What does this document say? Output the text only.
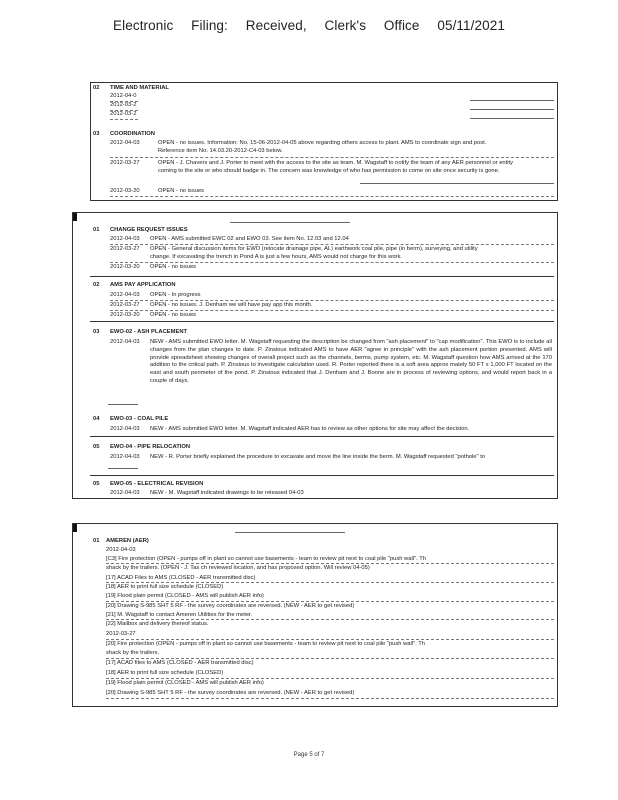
Electronic Filing: Received, Clerk's Office 05/11/2021
02 TIME AND MATERIAL
2012-04-0
2012-03-2
2012-03-2
03 COORDINATION
2012-04-03	OPEN - no issues. Information: No. 15-06-2012-04-05 above regarding others access to plant. AMS to coordinate sign and post.
Reference item No. 14.03.20-2012-C4-03 below.
2012-03-27	OPEN - J. Chavers and J. Porter to meet with the access to the site as team. M. Wagstaff to notify the team of any AER personnel or entity
coming to the site or who should badge in. The concern was knowledge of who has permission to come on site once security is gone.
2012-03-20	OPEN - no issues
01 CHANGE REQUEST ISSUES
2012-04-03 OPEN - AMS submitted EWC 02 and EWO 03. See item No. 12.03 and 12.04
2012-03-27 OPEN - General discussion items for EWO (relocate drainage pipe, AL) earthwork coal pile, pipe (in berm), surveying, and utility
change. If excavating the trench in Pond A is just a few hours, AMS would not charge for this work.
2012-03-20 OPEN - no issues
02 AMS PAY APPLICATION
2012-04-03 OPEN - In progress
2012-03-27 OPEN - no issues. J. Denham we will have pay app this month.
2012-03-20 OPEN - no issues
03 EWO-02 - ASH PLACEMENT
2012-04-03 NEW - AMS submitted EWO letter. M. Wagstaff requesting the description be changed from "ash placement" to "cap modification". This EWO is to include all changes from the plan changes to date. P. Zinsious indicated AMS to have AER "agree in principle" with the ash placement portion presented. AMS will provide spreadsheet showing changes of overall project such as the channels, berms, pump system, etc. M. Wagstaff question how AMS arrived at the 170 addition to the critical path. P. Zinsious to investigate calculation used. R. Porter reported there is a soft area approx mately 50 FT x 1,000 FT located on the east and south perimeter of the pond. P. Zinsious indicated that J. Denham and J. Boone are in process of reviewing options, and would report back in a couple of days.
04 EWO-03 - COAL PILE
2012-04-03 NEW - AMS submitted EWO letter. M. Wagstaff indicated AER has to review as other options for site may affect the decision.
05 EWO-04 - PIPE RELOCATION
2012-04-03 NEW - R. Porter briefly explained the procedure to excavate and move the line inside the berm. M. Wagstaff requested "pothole" to
05 EWO-05 - ELECTRICAL REVISION
2012-04-03 NEW - M. Wagstaff indicated drawings to be released 04-03
01 AMEREN (AER)
2012-04-03
[C3] Fire protection (OPEN - pumps off in plant so cannot use basements - team to review pit next to coal pile "push wall". Th
shack by the trailers. (OPEN - J. Tas ch reviewed location, and has proposed option. Will review 04-05)
[17] ACAD Files to AMS (CLOSED - AER transmitted disc)
[18] AER to print full size schedule (CLOSED)
[19] Flood plain permit (CLOSED - AMS will publish AER info)
[20] Drawing S-985 SHT 5 RF - the survey coordinates are reversed. (NEW - AER to get revised)
[21] M. Wagstaff to contact Ameren Utilities for the meter.
[22] Mailbox and delivery thereof status.
2012-03-27
[20] Fire protection (OPEN - pumps off in plant so cannot use basements - team to review pit next to coal pile "push wall". Th
shack by the trailers.
[17] ACAD files to AMS (CLOSED - AER transmitted disc)
[18] AER to print full size schedule (CLOSED)
[19] Flood plain permit (CLOSED - AMS will publish AER info)
[20] Drawing S-985 SHT 5 RF - the survey coordinates are reversed. (NEW - AER to get revised)
Page 5 of 7
